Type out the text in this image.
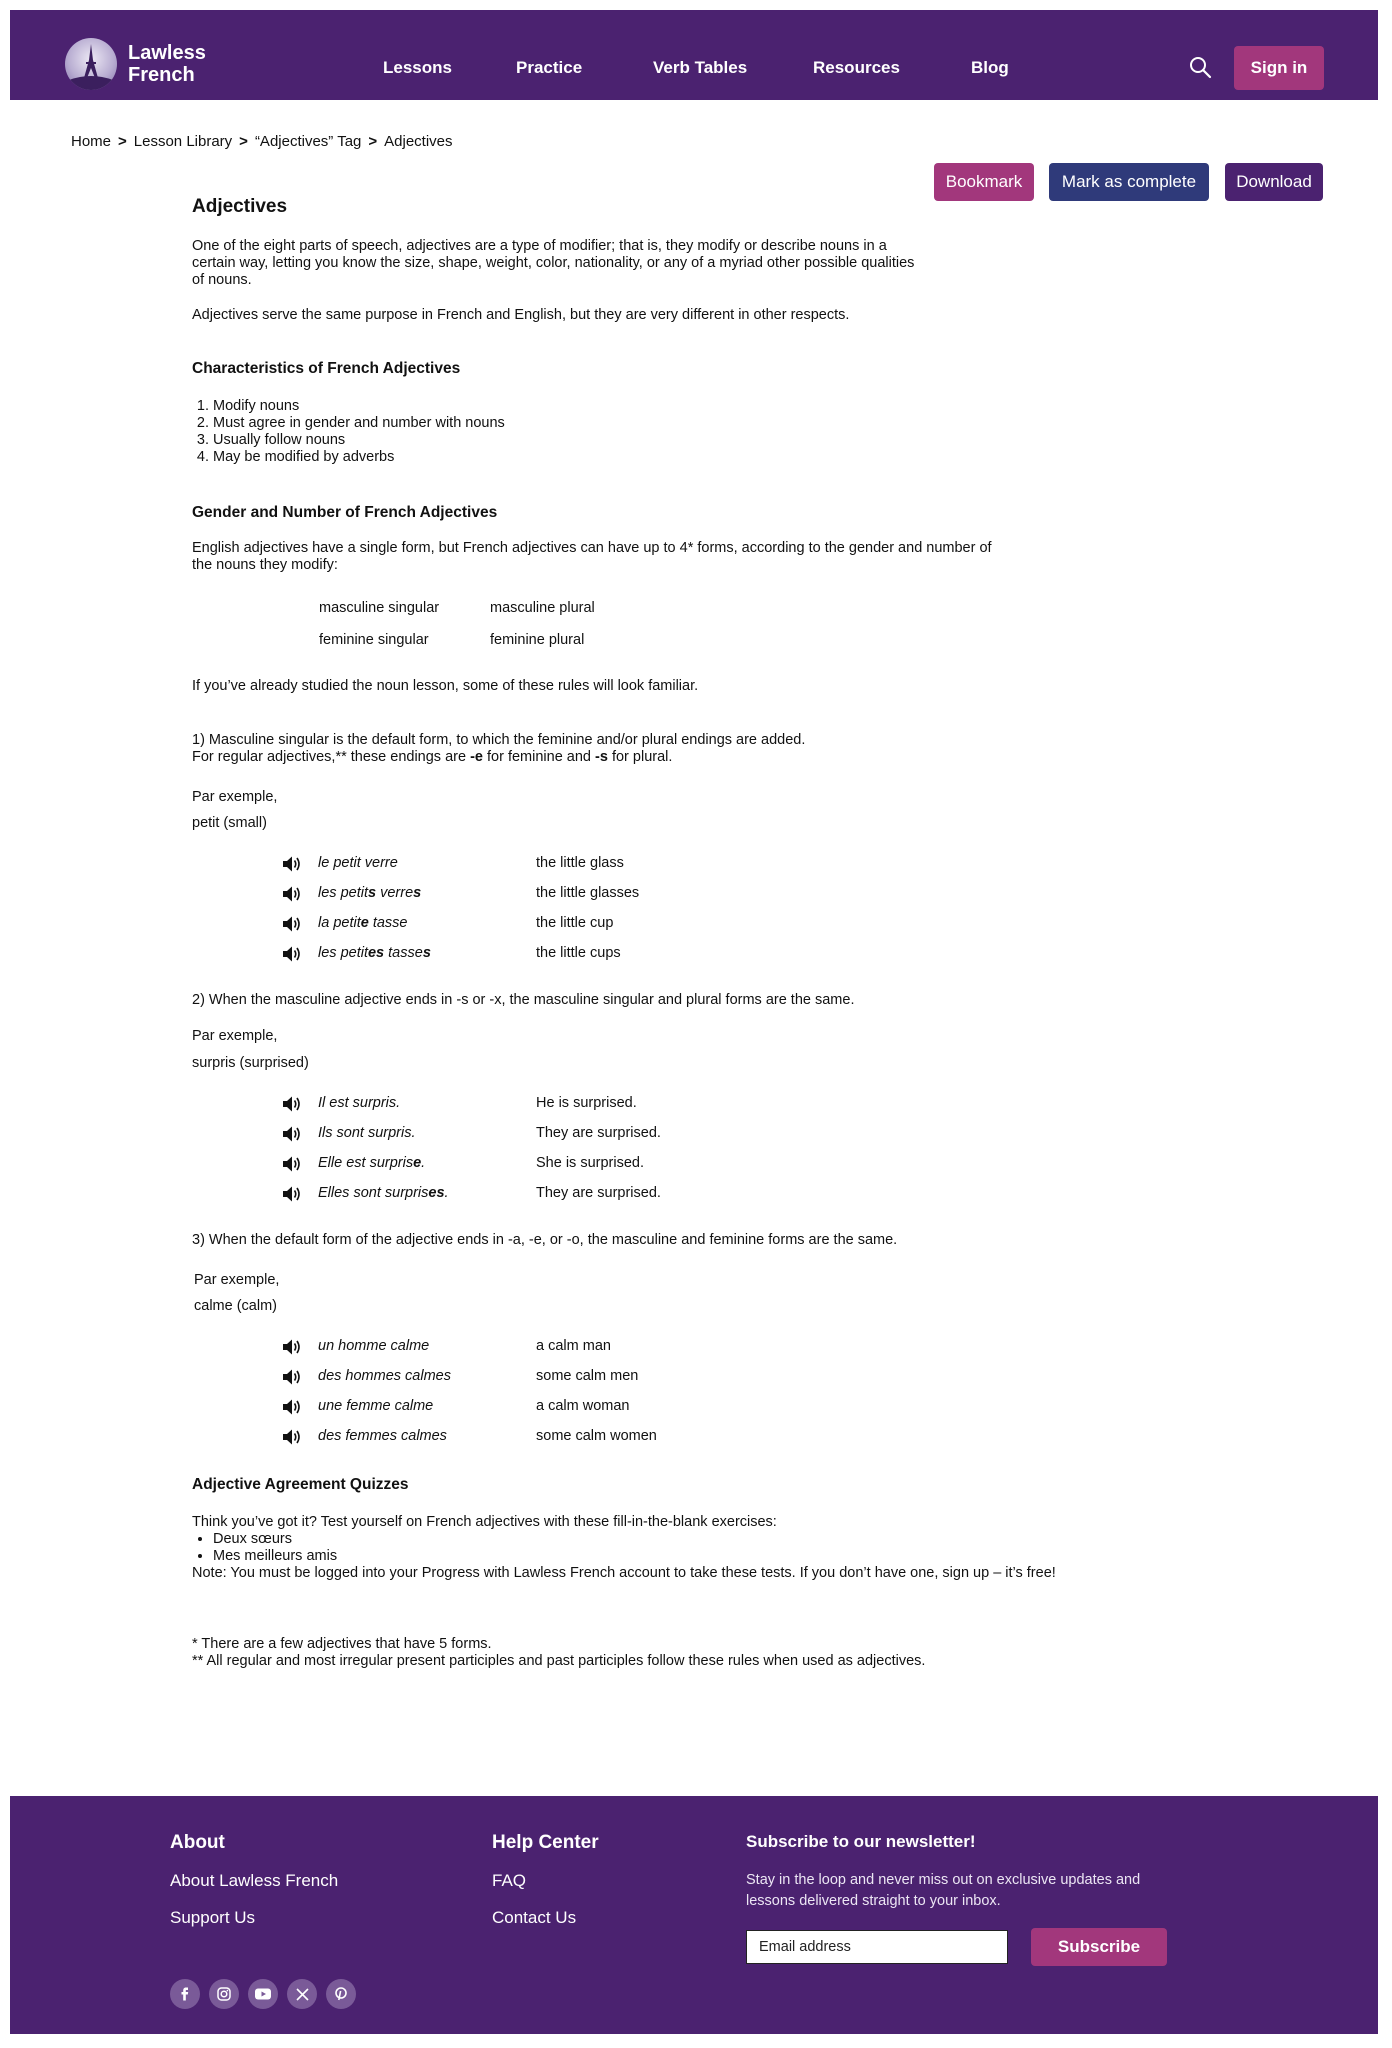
Lawless
French	Lessons	Practice	Verb Tables	Resources	Blog	Sign in
Home > Lesson Library > “Adjectives” Tag > Adjectives
Bookmark	Mark as complete	Download
Adjectives
One of the eight parts of speech, adjectives are a type of modifier; that is, they modify or describe nouns in a certain way, letting you know the size, shape, weight, color, nationality, or any of a myriad other possible qualities of nouns.
Adjectives serve the same purpose in French and English, but they are very different in other respects.
Characteristics of French Adjectives
1. Modify nouns
2. Must agree in gender and number with nouns
3. Usually follow nouns
4. May be modified by adverbs
Gender and Number of French Adjectives
English adjectives have a single form, but French adjectives can have up to 4* forms, according to the gender and number of the nouns they modify:
masculine singular	masculine plural
feminine singular	feminine plural
If you’ve already studied the noun lesson, some of these rules will look familiar.
1) Masculine singular is the default form, to which the feminine and/or plural endings are added.
For regular adjectives,** these endings are -e for feminine and -s for plural.
Par exemple,
petit (small)
le petit verre	the little glass
les petits verres	the little glasses
la petite tasse	the little cup
les petites tasses	the little cups
2) When the masculine adjective ends in -s or -x, the masculine singular and plural forms are the same.
Par exemple,
surpris (surprised)
Il est surpris.	He is surprised.
Ils sont surpris.	They are surprised.
Elle est surprise.	She is surprised.
Elles sont surprises.	They are surprised.
3) When the default form of the adjective ends in -a, -e, or -o, the masculine and feminine forms are the same.
Par exemple,
calme (calm)
un homme calme	a calm man
des hommes calmes	some calm men
une femme calme	a calm woman
des femmes calmes	some calm women
Adjective Agreement Quizzes
Think you’ve got it? Test yourself on French adjectives with these fill-in-the-blank exercises:
• Deux sœurs
• Mes meilleurs amis
Note: You must be logged into your Progress with Lawless French account to take these tests. If you don’t have one, sign up – it’s free!
* There are a few adjectives that have 5 forms.
** All regular and most irregular present participles and past participles follow these rules when used as adjectives.
About
About Lawless French
Support Us
Help Center
FAQ
Contact Us
Subscribe to our newsletter!
Stay in the loop and never miss out on exclusive updates and lessons delivered straight to your inbox.
Email address	Subscribe
